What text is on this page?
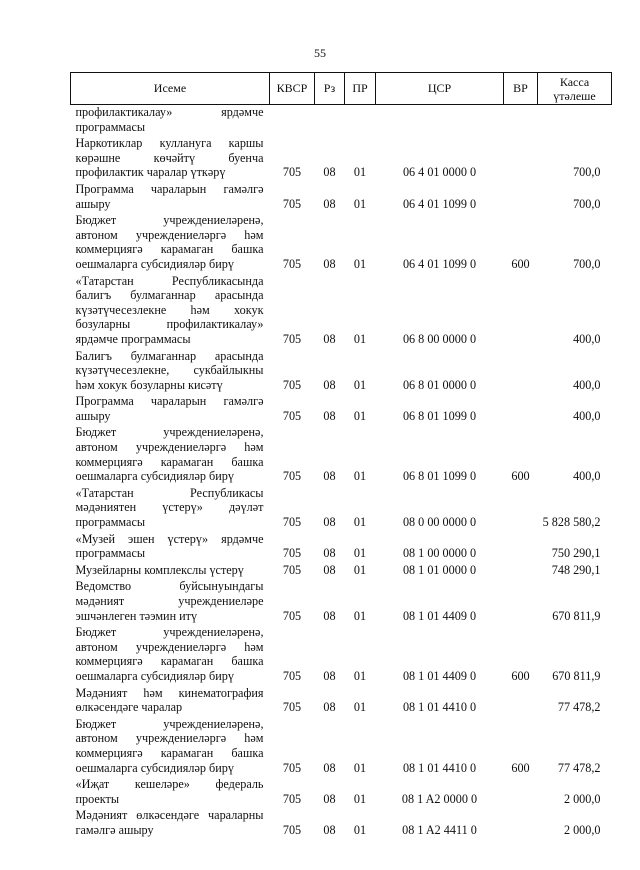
55
Исеме	КВСР	Рз	ПР	ЦСР	ВР	Касса
үтәлеше

профилактикалау» ярдәмче программасы						
Наркотиклар кулланугa каршы көрәшне көчәйтү буенча профилактик чаралар үткәрү	705	08	01	06 4 01 0000 0		700,0
Программа чараларын гамәлгә ашыру	705	08	01	06 4 01 1099 0		700,0
Бюджет учреждениеләренә, автоном учреждениеләргә һәм коммерциягә карамаган башка оешмаларга субсидияләр бирү	705	08	01	06 4 01 1099 0	600	700,0
«Татарстан Республикасында балигъ булмаганнар арасында күзәтүчесезлекне һәм хокук бозуларны профилактикалау» ярдәмче программасы	705	08	01	06 8 00 0000 0		400,0
Балигъ булмаганнар арасында күзәтүчесезлекне, сукбайлыкны һәм хокук бозуларны кисәтү	705	08	01	06 8 01 0000 0		400,0
Программа чараларын гамәлгә ашыру	705	08	01	06 8 01 1099 0		400,0
Бюджет учреждениеләренә, автоном учреждениеләргә һәм коммерциягә карамаган башка оешмаларга субсидияләр бирү	705	08	01	06 8 01 1099 0	600	400,0
«Татарстан Республикасы мәдәниятен үстерү» дәүләт программасы	705	08	01	08 0 00 0000 0		5 828 580,2
«Музей эшен үстерү» ярдәмче программасы	705	08	01	08 1 00 0000 0		750 290,1
Музейларны комплекслы үстерү	705	08	01	08 1 01 0000 0		748 290,1
Ведомство буйсынуындагы мәдәният учреждениеләре эшчәнлеген тәэмин итү	705	08	01	08 1 01 4409 0		670 811,9
Бюджет учреждениеләренә, автоном учреждениеләргә һәм коммерциягә карамаган башка оешмаларга субсидияләр бирү	705	08	01	08 1 01 4409 0	600	670 811,9
Мәдәният һәм кинематография өлкәсендәге чаралар	705	08	01	08 1 01 4410 0		77 478,2
Бюджет учреждениеләренә, автоном учреждениеләргә һәм коммерциягә карамаган башка оешмаларга субсидияләр бирү	705	08	01	08 1 01 4410 0	600	77 478,2
«Иҗат кешеләре» федераль проекты	705	08	01	08 1 A2 0000 0		2 000,0
Мәдәният өлкәсендәге чараларны гамәлгә ашыру	705	08	01	08 1 A2 4411 0		2 000,0
